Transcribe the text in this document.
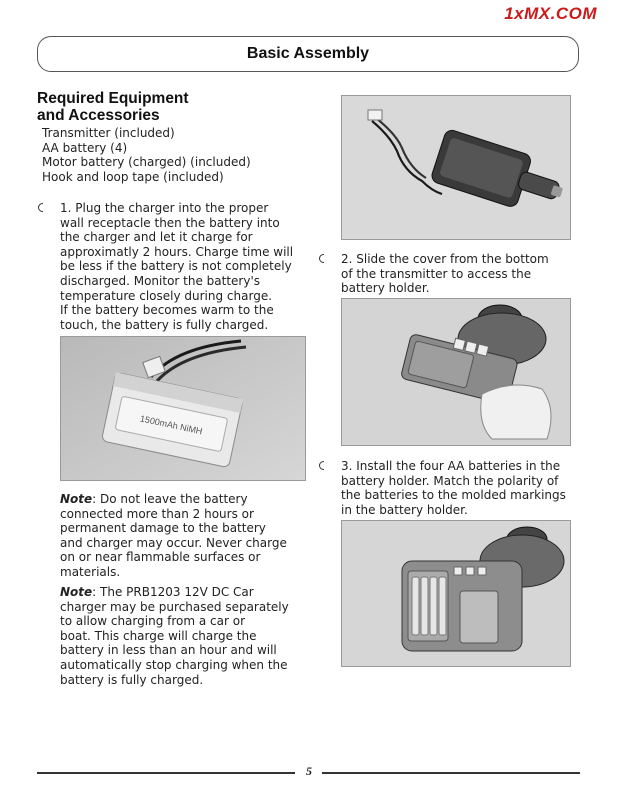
1xMX.COM
Basic Assembly
Required Equipment
and Accessories
Transmitter (included)
AA battery (4)
Motor battery (charged) (included)
Hook and loop tape (included)
1. Plug the charger into the proper
wall receptacle then the battery into
the charger and let it charge for
approximatly 2 hours. Charge time will
be less if the battery is not completely
discharged. Monitor the battery's
temperature closely during charge.
If the battery becomes warm to the
touch, the battery is fully charged.
1500mAh NiMH
Note: Do not leave the battery
connected more than 2 hours or
permanent damage to the battery
and charger may occur. Never charge
on or near flammable surfaces or
materials.
Note: The PRB1203 12V DC Car
charger may be purchased separately
to allow charging from a car or
boat. This charge will charge the
battery in less than an hour and will
automatically stop charging when the
battery is fully charged.
2. Slide the cover from the bottom
of the transmitter to access the
battery holder.
3. Install the four AA batteries in the
battery holder. Match the polarity of
the batteries to the molded markings
in the battery holder.
5
